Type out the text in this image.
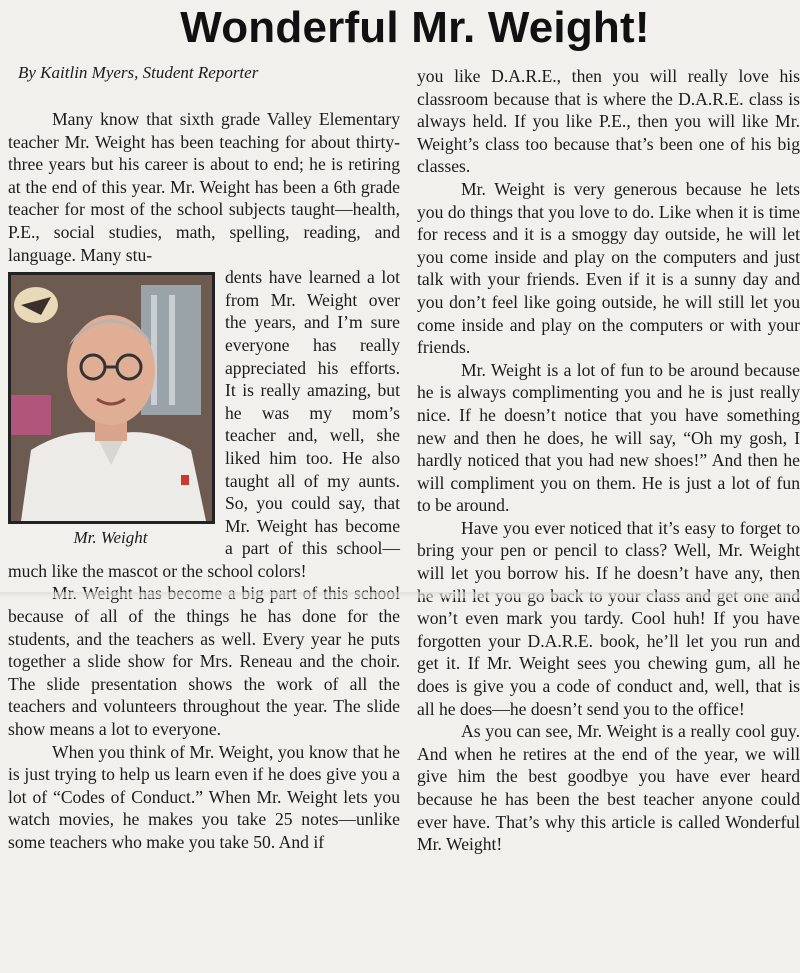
Wonderful Mr. Weight!
By Kaitlin Myers, Student Reporter

Many know that sixth grade Valley Elementary teacher Mr. Weight has been teaching for about thirty-three years but his career is about to end; he is retiring at the end of this year. Mr. Weight has been a 6th grade teacher for most of the school subjects taught—health, P.E., social studies, math, spelling, reading, and language. Many stu-

Mr. Weight

dents have learned a lot from Mr. Weight over the years, and I’m sure everyone has really appreciated his efforts. It is really amazing, but he was my mom’s teacher and, well, she liked him too. He also taught all of my aunts. So, you could say, that Mr. Weight has become a part of this school—much like the mascot or the school colors!

because of all of the things he has done for the students, and the teachers as well. Every year he puts together a slide show for Mrs. Reneau and the choir. The slide presentation shows the work of all the teachers and volunteers throughout the year. The slide show means a lot to everyone.

When you think of Mr. Weight, you know that he is just trying to help us learn even if he does give you a lot of “Codes of Conduct.” When Mr. Weight lets you watch movies, he makes you take 25 notes—unlike some teachers who make you take 50. And if

you like D.A.R.E., then you will really love his classroom because that is where the D.A.R.E. class is always held. If you like P.E., then you will like Mr. Weight’s class too because that’s been one of his big classes.

Mr. Weight is very generous because he lets you do things that you love to do. Like when it is time for recess and it is a smoggy day outside, he will let you come inside and play on the computers and just talk with your friends. Even if it is a sunny day and you don’t feel like going outside, he will still let you come inside and play on the computers or with your friends.

Mr. Weight is a lot of fun to be around because he is always complimenting you and he is just really nice. If he doesn’t notice that you have something new and then he does, he will say, “Oh my gosh, I hardly noticed that you had new shoes!” And then he will compliment you on them. He is just a lot of fun to be around.

Have you ever noticed that it’s easy to forget to bring your pen or pencil to class? Well, Mr. Weight will let you borrow his. If he doesn’t have any, then won’t even mark you tardy. Cool huh! If you have forgotten your D.A.R.E. book, he’ll let you run and get it. If Mr. Weight sees you chewing gum, all he does is give you a code of conduct and, well, that is all he does—he doesn’t send you to the office!

As you can see, Mr. Weight is a really cool guy. And when he retires at the end of the year, we will give him the best goodbye you have ever heard because he has been the best teacher anyone could ever have. That’s why this article is called Wonderful Mr. Weight!
